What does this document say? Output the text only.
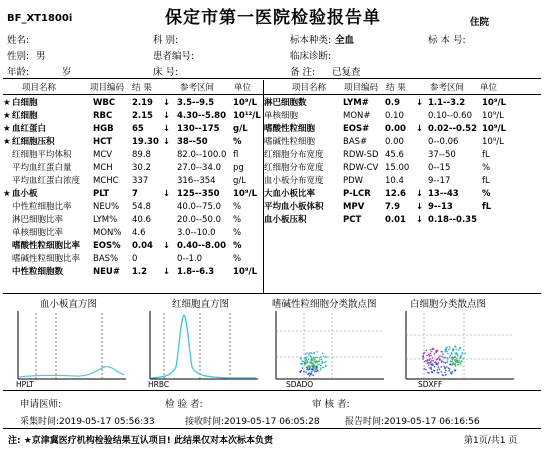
BF_XT1800i	保定市第一医院检验报告单	住院
姓名:	科 别:	标本种类: 全血	标 本 号:
性别: 男	患者编号:	临床诊断:
年龄:	岁	床 号:	备 注: 已复查
项目名称	项目编码 结 果	参考区间 单位	项目名称 项目编码 结 果	参考区间 单位
★ 白细胞	WBC 2.19 ↓ 3.5--9.5 10⁹/L
★ 红细胞	RBC 2.15 ↓ 4.30--5.80 10¹²/L
★ 血红蛋白	HGB 65 ↓ 130--175 g/L
★ 红细胞压积	HCT 19.30 ↓ 38--50	%
红细胞平均体积	MCV 89.8	82.0--100.0 fl
平均血红蛋白量	MCH 30.2	27.0--34.0 pg
平均血红蛋白浓度 MCHC 337	316--354 g/L
★ 血小板	PLT	7	↓ 125--350 10⁹/L
中性粒细胞比率	NEU% 54.8	40.0--75.0 %
淋巴细胞比率	LYM% 40.6	20.0--50.0 %
单核细胞比率	MON% 4.6	3.0--10.0 %
嗜酸性粒细胞比率 EOS% 0.04 ↓ 0.40--8.00 %
嗜碱性粒细胞比率 BAS% 0	0--1.0	%
中性粒细胞数	NEU# 1.2 ↓ 1.8--6.3 10⁹/L
淋巴细胞数	LYM# 0.9 ↓ 1.1--3.2 10⁹/L
单核细胞	MON# 0.10	0.10--0.60 10⁹/L
嗜酸性粒细胞	EOS# 0.00 ↓ 0.02--0.52 10⁹/L
嗜碱性粒细胞	BAS# 0.00	0--0.06	10⁹/L
红细胞分布宽度 RDW-SD 45.6	37--50	fL
红细胞分布宽度 RDW-CV 15.00 0--15	%
血小板分布宽度 PDW	10.4	9--17	fL
大血小板比率	P-LCR 12.6 ↓ 13--43	%
平均血小板体积 MPV 7.9 ↓ 9--13	fL
血小板压积	PCT	0.01 ↓ 0.18--0.35
血小板直方图	红细胞直方图	嗜碱性粒细胞分类散点图	白细胞分类散点图
HPLT	HRBC	SDADO	SDXFF
申请医师:	检 验 者:	审 核 者:
采集时间:2019-05-17 05:56:33	接收时间:2019-05-17 06:05:28	报告时间:2019-05-17 06:16:56
注: ★京津冀医疗机构检验结果互认项目! 此结果仅对本次标本负责	第1页/共1 页
